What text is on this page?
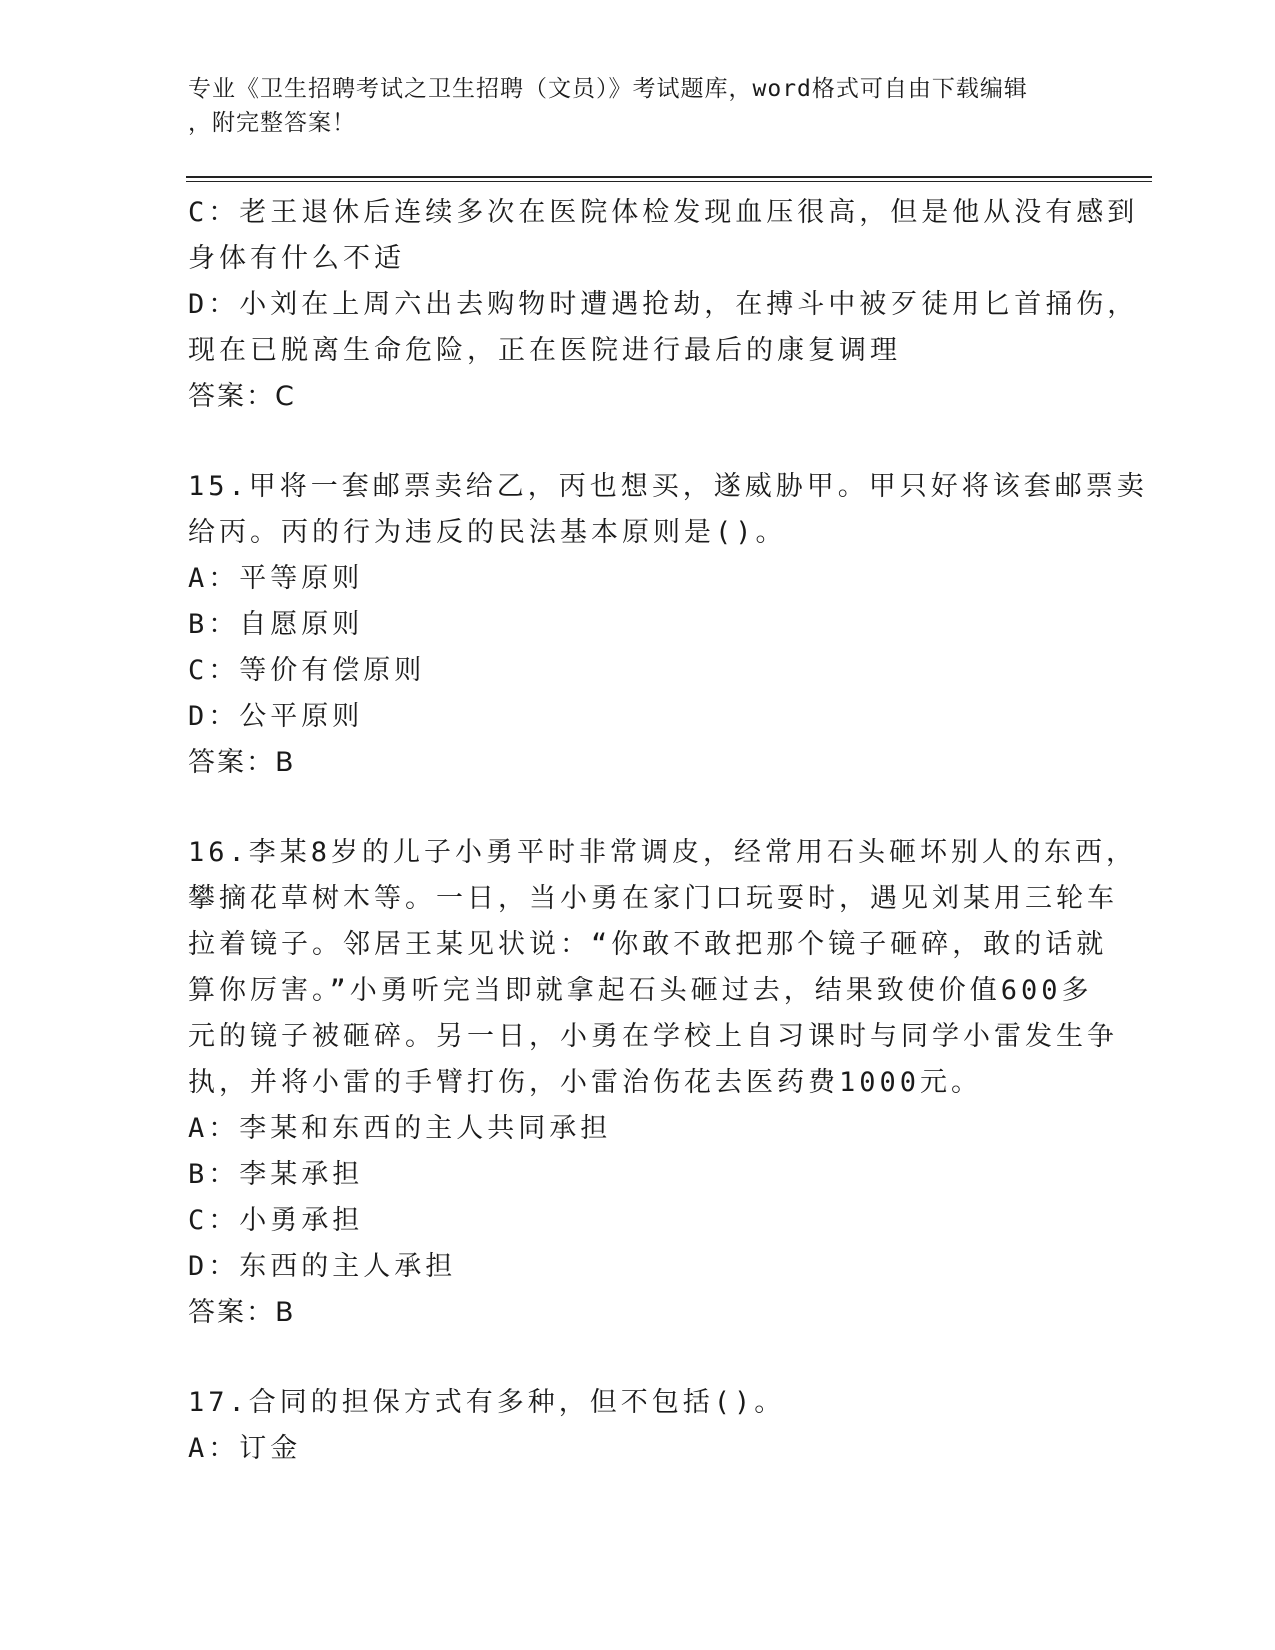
专业《卫生招聘考试之卫生招聘（文员）》考试题库，word格式可自由下载编辑
，附完整答案！
C：老王退休后连续多次在医院体检发现血压很高，但是他从没有感到
身体有什么不适
D：小刘在上周六出去购物时遭遇抢劫，在搏斗中被歹徒用匕首捅伤，
现在已脱离生命危险，正在医院进行最后的康复调理
答案：C
15.甲将一套邮票卖给乙，丙也想买，遂威胁甲。甲只好将该套邮票卖
给丙。丙的行为违反的民法基本原则是()。
A：平等原则
B：自愿原则
C：等价有偿原则
D：公平原则
答案：B
16.李某8岁的儿子小勇平时非常调皮，经常用石头砸坏别人的东西，
攀摘花草树木等。一日，当小勇在家门口玩耍时，遇见刘某用三轮车
拉着镜子。邻居王某见状说：“你敢不敢把那个镜子砸碎，敢的话就
算你厉害。”小勇听完当即就拿起石头砸过去，结果致使价值600多
元的镜子被砸碎。另一日，小勇在学校上自习课时与同学小雷发生争
执，并将小雷的手臂打伤，小雷治伤花去医药费1000元。
A：李某和东西的主人共同承担
B：李某承担
C：小勇承担
D：东西的主人承担
答案：B
17.合同的担保方式有多种，但不包括()。
A：订金
